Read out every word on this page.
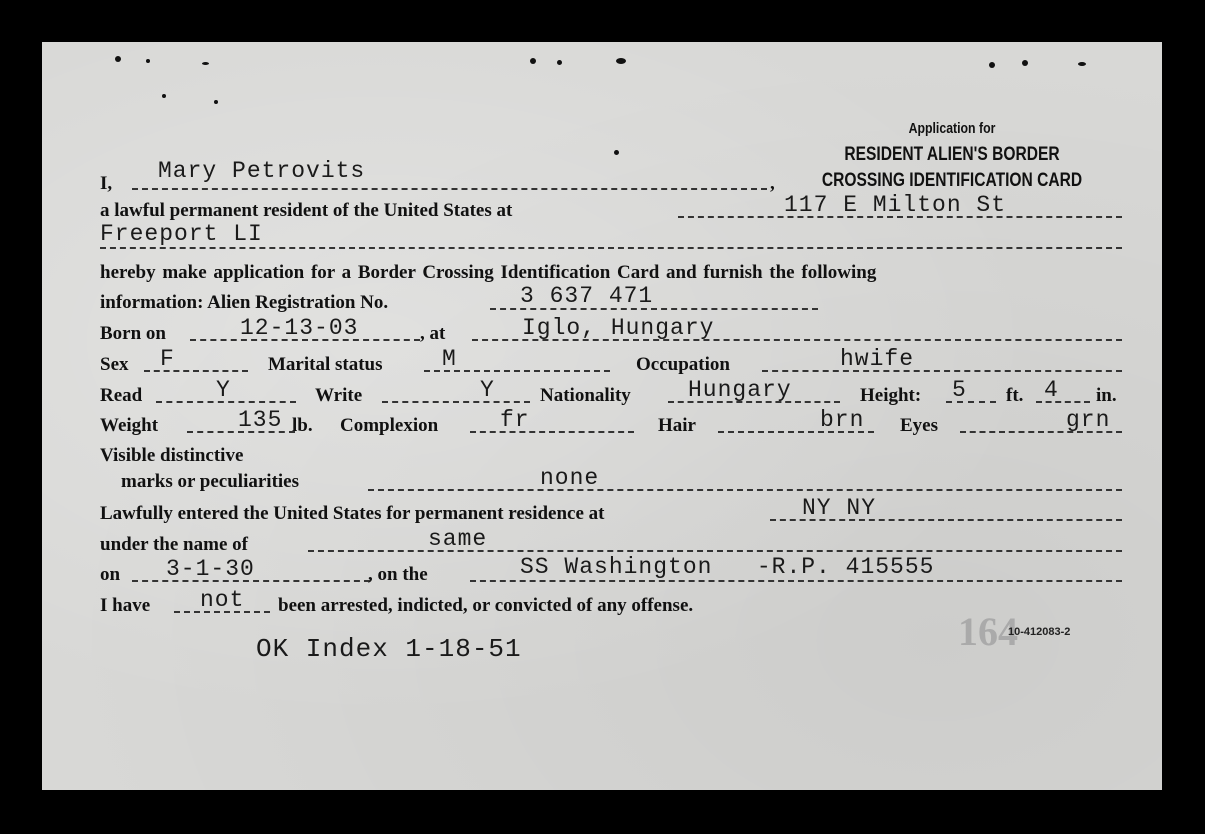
Application for
RESIDENT ALIEN'S BORDER
CROSSING IDENTIFICATION CARD
I, Mary Petrovits	,
a lawful permanent resident of the United States at	117 E Milton St
Freeport LI
hereby make application for a Border Crossing Identification Card and furnish the following
information: Alien Registration No.	3 637 471
Born on	12-13-03	, at	Iglo, Hungary
Sex F	Marital status	M	Occupation	hwife
Read	Y	Write	Y Nationality Hungary	Height: 5 ft. 4 in.
Weight	135 lb. Complexion	fr	Hair	brn Eyes	grn
Visible distinctive
marks or peculiarities	none
Lawfully entered the United States for permanent residence at	NY NY
under the name of	same
on 3-1-30	, on the	SS Washington   -R.P. 415555
I have not been arrested, indicted, or convicted of any offense.
OK Index 1-18-51	164
10-412083-2
